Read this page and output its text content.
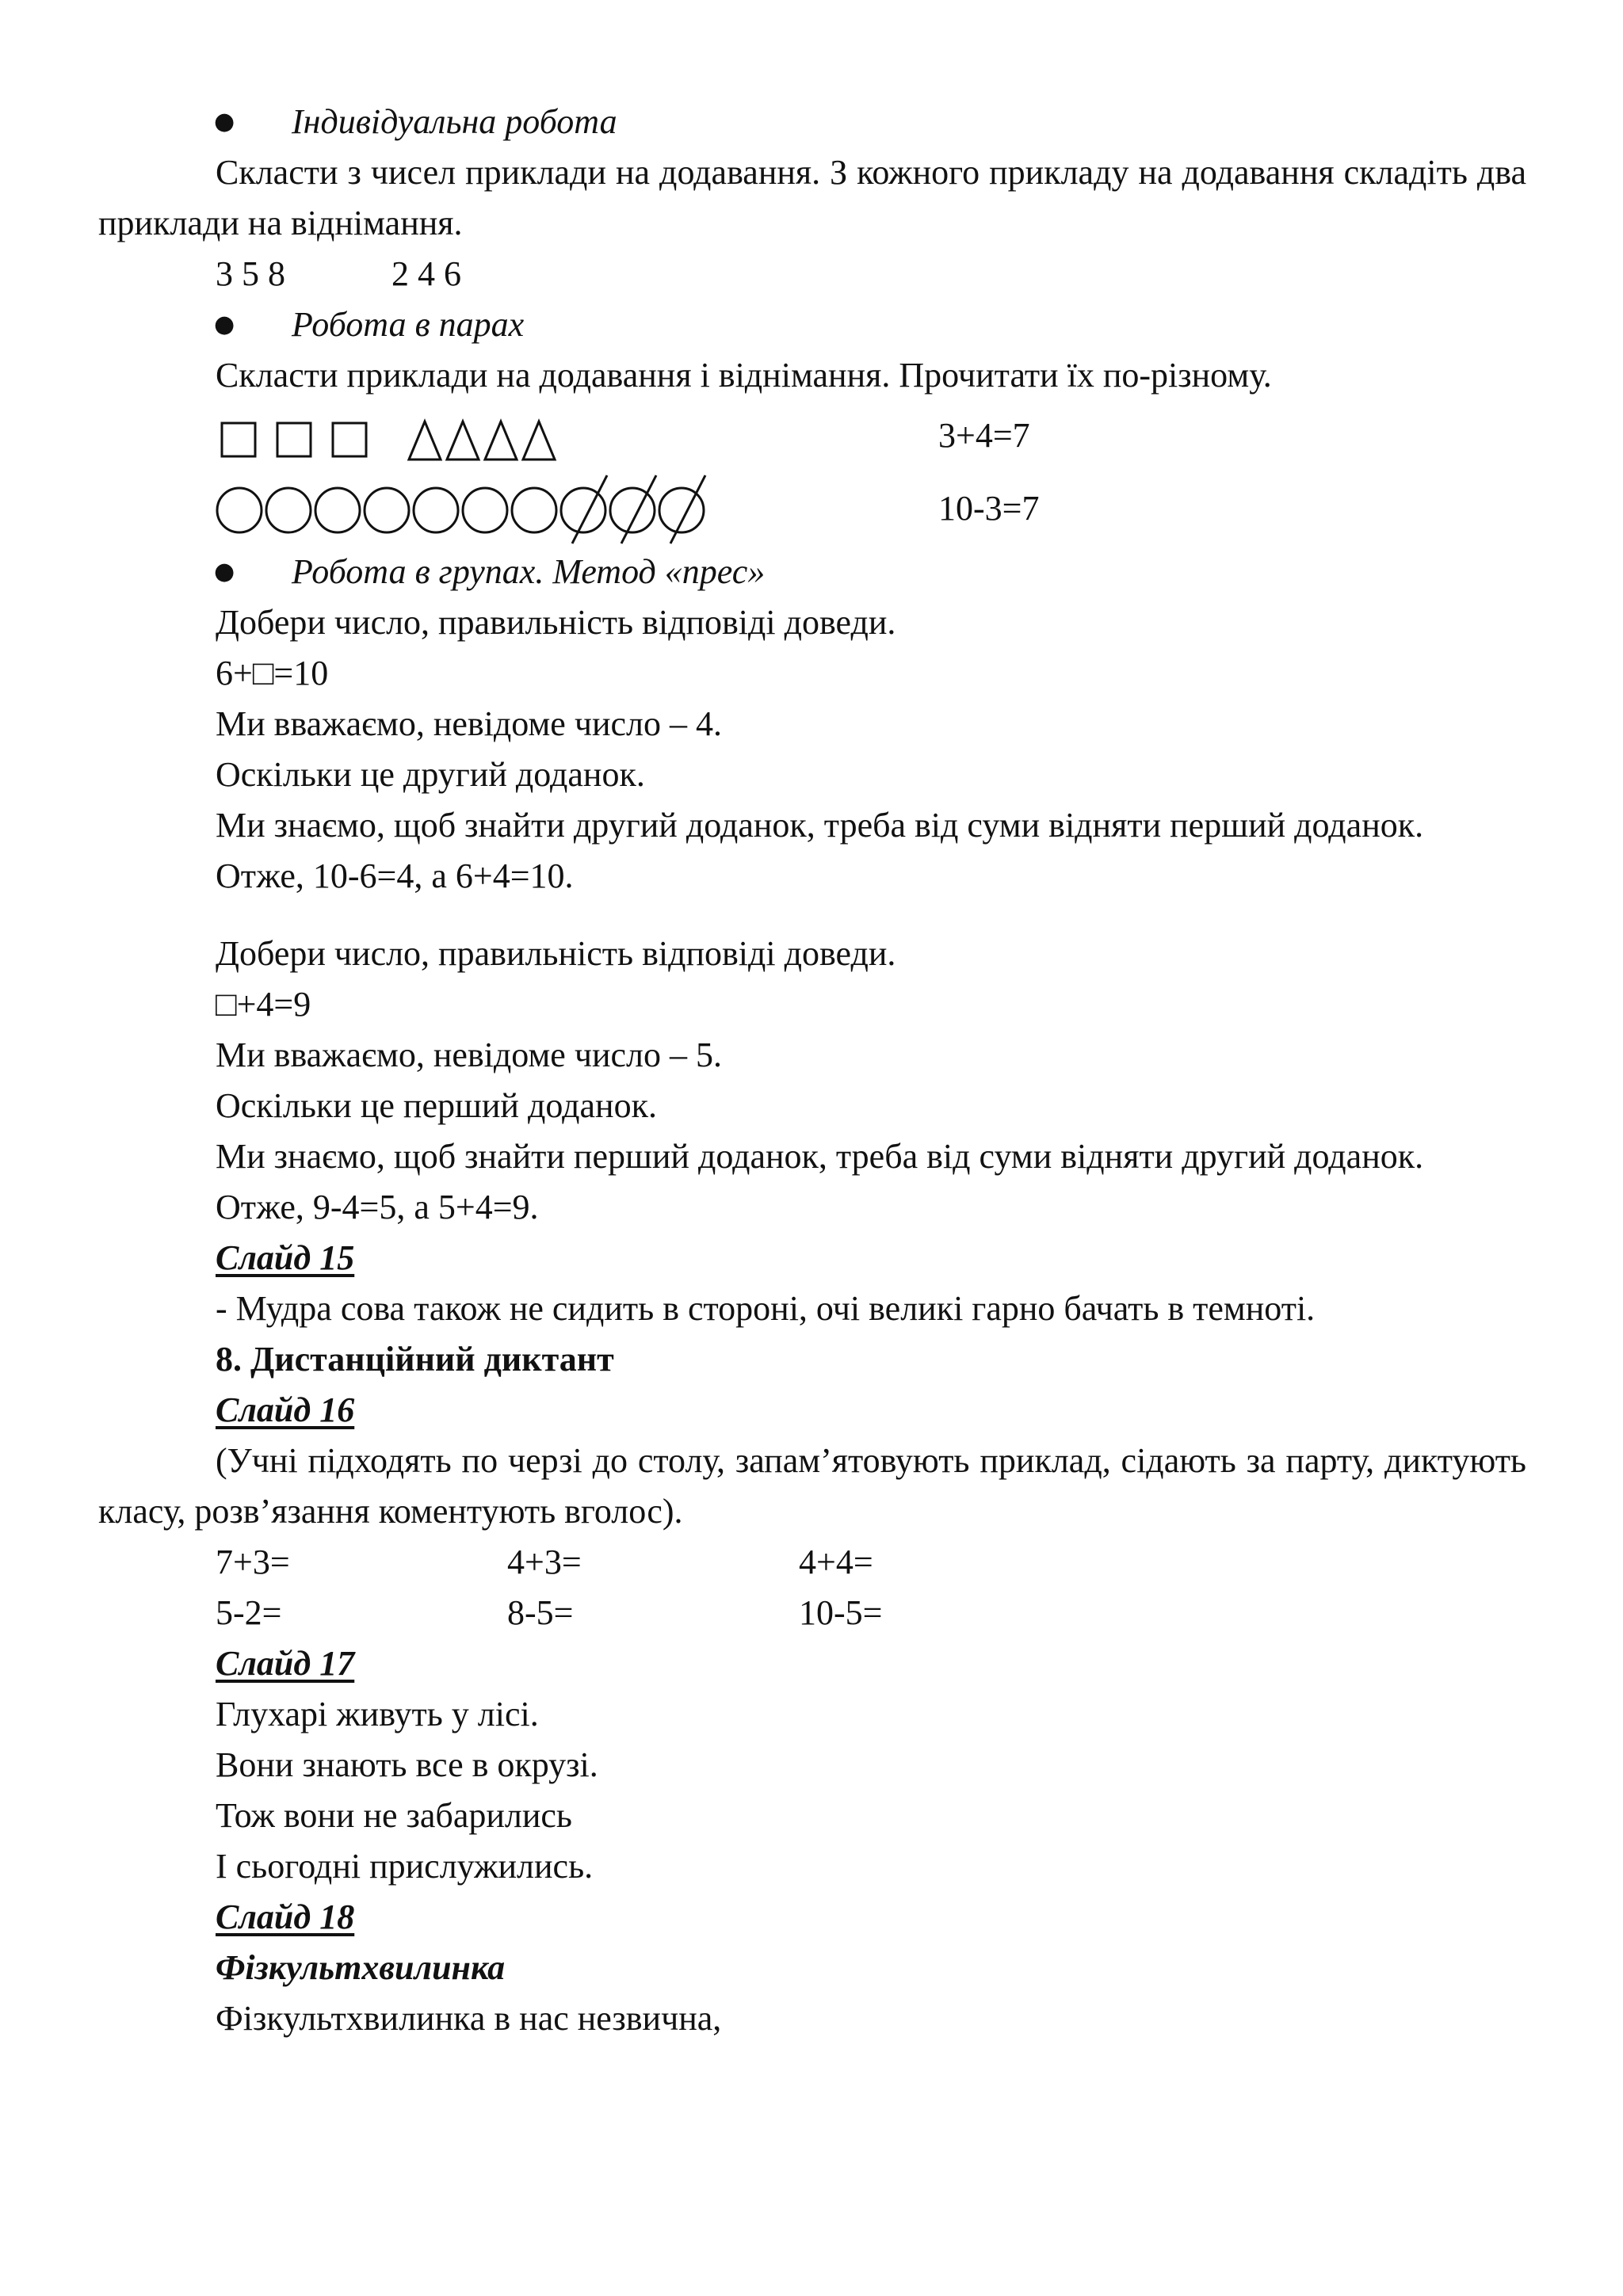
●	Індивідуальна робота

Скласти з чисел приклади на додавання. З кожного прикладу на додавання складіть два приклади на віднімання.

3 5 8	2 4 6
●	Робота в парах

Скласти приклади на додавання і віднімання. Прочитати їх по-різному.

3+4=7
10-3=7
●	Робота в групах. Метод «прес»

Добери число, правильність відповіді доведи.

6+□=10

Ми вважаємо, невідоме число – 4.

Оскільки це другий доданок.

Ми знаємо, щоб знайти другий доданок, треба від суми відняти перший доданок.

Отже, 10-6=4, а 6+4=10.

Добери число, правильність відповіді доведи.

□+4=9

Ми вважаємо, невідоме число – 5.

Оскільки це перший доданок.

Ми знаємо, щоб знайти перший доданок, треба від суми відняти другий доданок.

Отже, 9-4=5, а 5+4=9.

Слайд 15

- Мудра сова також не сидить в стороні, очі великі гарно бачать в темноті.

8. Дистанційний диктант

Слайд 16

(Учні підходять по черзі до столу, запам’ятовують приклад, сідають за парту, диктують класу, розв’язання коментують вголос).

7+3=	4+3=	4+4=
5-2=	8-5=	10-5=

Слайд 17

Глухарі живуть у лісі.

Вони знають все в окрузі.

Тож вони не забарились

І сьогодні прислужились.

Слайд 18

Фізкультхвилинка

Фізкультхвилинка в нас незвична,
